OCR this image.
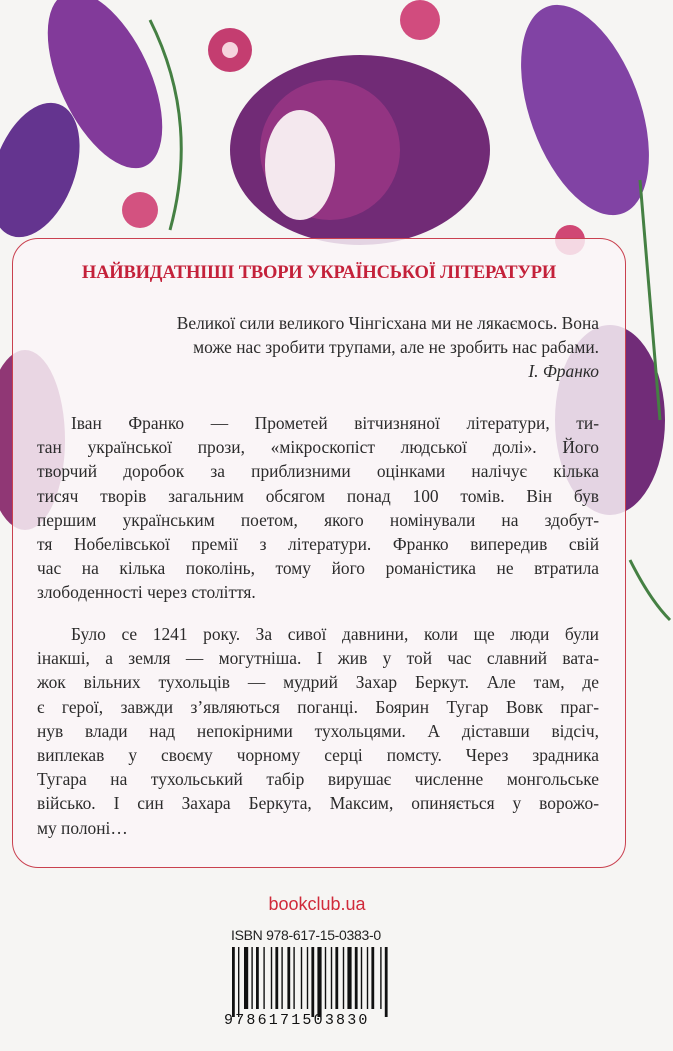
НАЙВИДАТНІШІ ТВОРИ УКРАЇНСЬКОЇ ЛІТЕРАТУРИ
Великої сили великого Чінгісхана ми не лякаємось. Вона
може нас зробити трупами, але не зробить нас рабами.
І. Франко
Іван Франко — Прометей вітчизняної літератури, ти-
тан української прози, «мікроскопіст людської долі». Його
творчий доробок за приблизними оцінками налічує кілька
тисяч творів загальним обсягом понад 100 томів. Він був
першим українським поетом, якого номінували на здобут-
тя Нобелівської премії з літератури. Франко випередив свій
час на кілька поколінь, тому його романістика не втратила
злободенності через століття.
Було се 1241 року. За сивої давнини, коли ще люди були
інакші, а земля — могутніша. І жив у той час славний вата-
жок вільних тухольців — мудрий Захар Беркут. Але там, де
є герої, завжди з’являються поганці. Боярин Тугар Вовк праг-
нув влади над непокірними тухольцями. А діставши відсіч,
виплекав у своєму чорному серці помсту. Через зрадника
Тугара на тухольський табір вирушає численне монгольське
військо. І син Захара Беркута, Максим, опиняється у ворожо-
му полоні…
bookclub.ua
ISBN 978-617-15-0383-0
9786171503830
